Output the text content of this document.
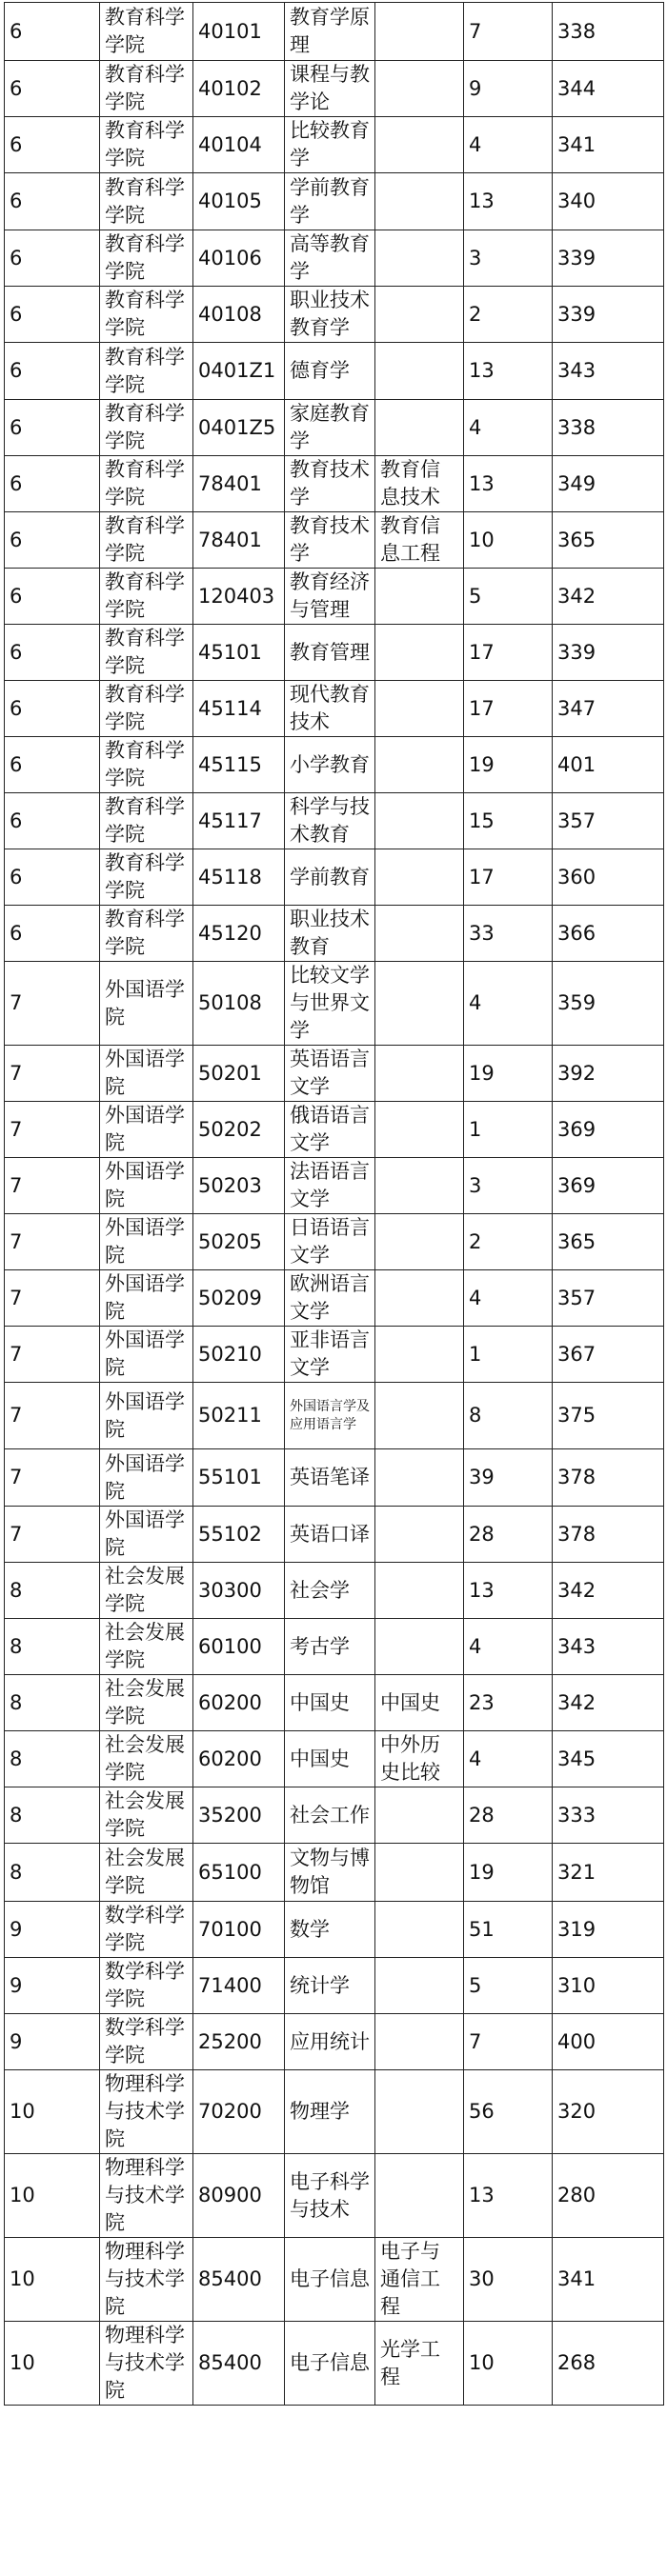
6	教育科学学院	40101	教育学原理		7	338
6	教育科学学院	40102	课程与教学论		9	344
6	教育科学学院	40104	比较教育学		4	341
6	教育科学学院	40105	学前教育学		13	340
6	教育科学学院	40106	高等教育学		3	339
6	教育科学学院	40108	职业技术教育学		2	339
6	教育科学学院	0401Z1	德育学		13	343
6	教育科学学院	0401Z5	家庭教育学		4	338
6	教育科学学院	78401	教育技术学	教育信息技术	13	349
6	教育科学学院	78401	教育技术学	教育信息工程	10	365
6	教育科学学院	120403	教育经济与管理		5	342
6	教育科学学院	45101	教育管理		17	339
6	教育科学学院	45114	现代教育技术		17	347
6	教育科学学院	45115	小学教育		19	401
6	教育科学学院	45117	科学与技术教育		15	357
6	教育科学学院	45118	学前教育		17	360
6	教育科学学院	45120	职业技术教育		33	366
7	外国语学院	50108	比较文学与世界文学		4	359
7	外国语学院	50201	英语语言文学		19	392
7	外国语学院	50202	俄语语言文学		1	369
7	外国语学院	50203	法语语言文学		3	369
7	外国语学院	50205	日语语言文学		2	365
7	外国语学院	50209	欧洲语言文学		4	357
7	外国语学院	50210	亚非语言文学		1	367
7	外国语学院	50211	外国语言学及应用语言学		8	375
7	外国语学院	55101	英语笔译		39	378
7	外国语学院	55102	英语口译		28	378
8	社会发展学院	30300	社会学		13	342
8	社会发展学院	60100	考古学		4	343
8	社会发展学院	60200	中国史	中国史	23	342
8	社会发展学院	60200	中国史	中外历史比较	4	345
8	社会发展学院	35200	社会工作		28	333
8	社会发展学院	65100	文物与博物馆		19	321
9	数学科学学院	70100	数学		51	319
9	数学科学学院	71400	统计学		5	310
9	数学科学学院	25200	应用统计		7	400
10	物理科学与技术学院	70200	物理学		56	320
10	物理科学与技术学院	80900	电子科学与技术		13	280
10	物理科学与技术学院	85400	电子信息	电子与通信工程	30	341
10	物理科学与技术学院	85400	电子信息	光学工程	10	268
